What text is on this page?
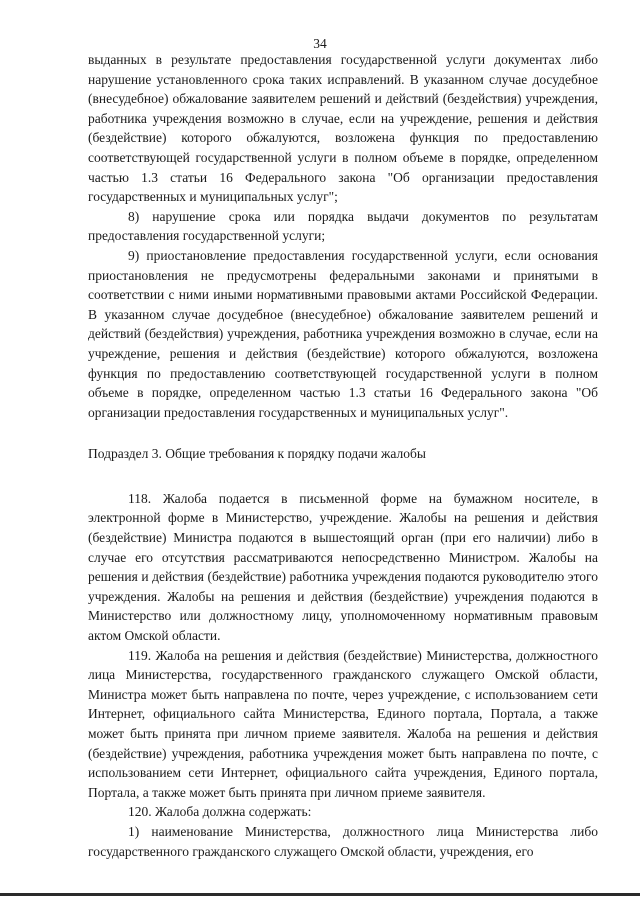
34

выданных в результате предоставления государственной услуги документах либо нарушение установленного срока таких исправлений. В указанном случае досудебное (внесудебное) обжалование заявителем решений и действий (бездействия) учреждения, работника учреждения возможно в случае, если на учреждение, решения и действия (бездействие) которого обжалуются, возложена функция по предоставлению соответствующей государственной услуги в полном объеме в порядке, определенном частью 1.3 статьи 16 Федерального закона "Об организации предоставления государственных и муниципальных услуг";

8) нарушение срока или порядка выдачи документов по результатам предоставления государственной услуги;

9) приостановление предоставления государственной услуги, если основания приостановления не предусмотрены федеральными законами и принятыми в соответствии с ними иными нормативными правовыми актами Российской Федерации. В указанном случае досудебное (внесудебное) обжалование заявителем решений и действий (бездействия) учреждения, работника учреждения возможно в случае, если на учреждение, решения и действия (бездействие) которого обжалуются, возложена функция по предоставлению соответствующей государственной услуги в полном объеме в порядке, определенном частью 1.3 статьи 16 Федерального закона "Об организации предоставления государственных и муниципальных услуг".

Подраздел 3. Общие требования к порядку подачи жалобы

118. Жалоба подается в письменной форме на бумажном носителе, в электронной форме в Министерство, учреждение. Жалобы на решения и действия (бездействие) Министра подаются в вышестоящий орган (при его наличии) либо в случае его отсутствия рассматриваются непосредственно Министром. Жалобы на решения и действия (бездействие) работника учреждения подаются руководителю этого учреждения. Жалобы на решения и действия (бездействие) учреждения подаются в Министерство или должностному лицу, уполномоченному нормативным правовым актом Омской области.

119. Жалоба на решения и действия (бездействие) Министерства, должностного лица Министерства, государственного гражданского служащего Омской области, Министра может быть направлена по почте, через учреждение, с использованием сети Интернет, официального сайта Министерства, Единого портала, Портала, а также может быть принята при личном приеме заявителя. Жалоба на решения и действия (бездействие) учреждения, работника учреждения может быть направлена по почте, с использованием сети Интернет, официального сайта учреждения, Единого портала, Портала, а также может быть принята при личном приеме заявителя.

120. Жалоба должна содержать:

1) наименование Министерства, должностного лица Министерства либо государственного гражданского служащего Омской области, учреждения, его
